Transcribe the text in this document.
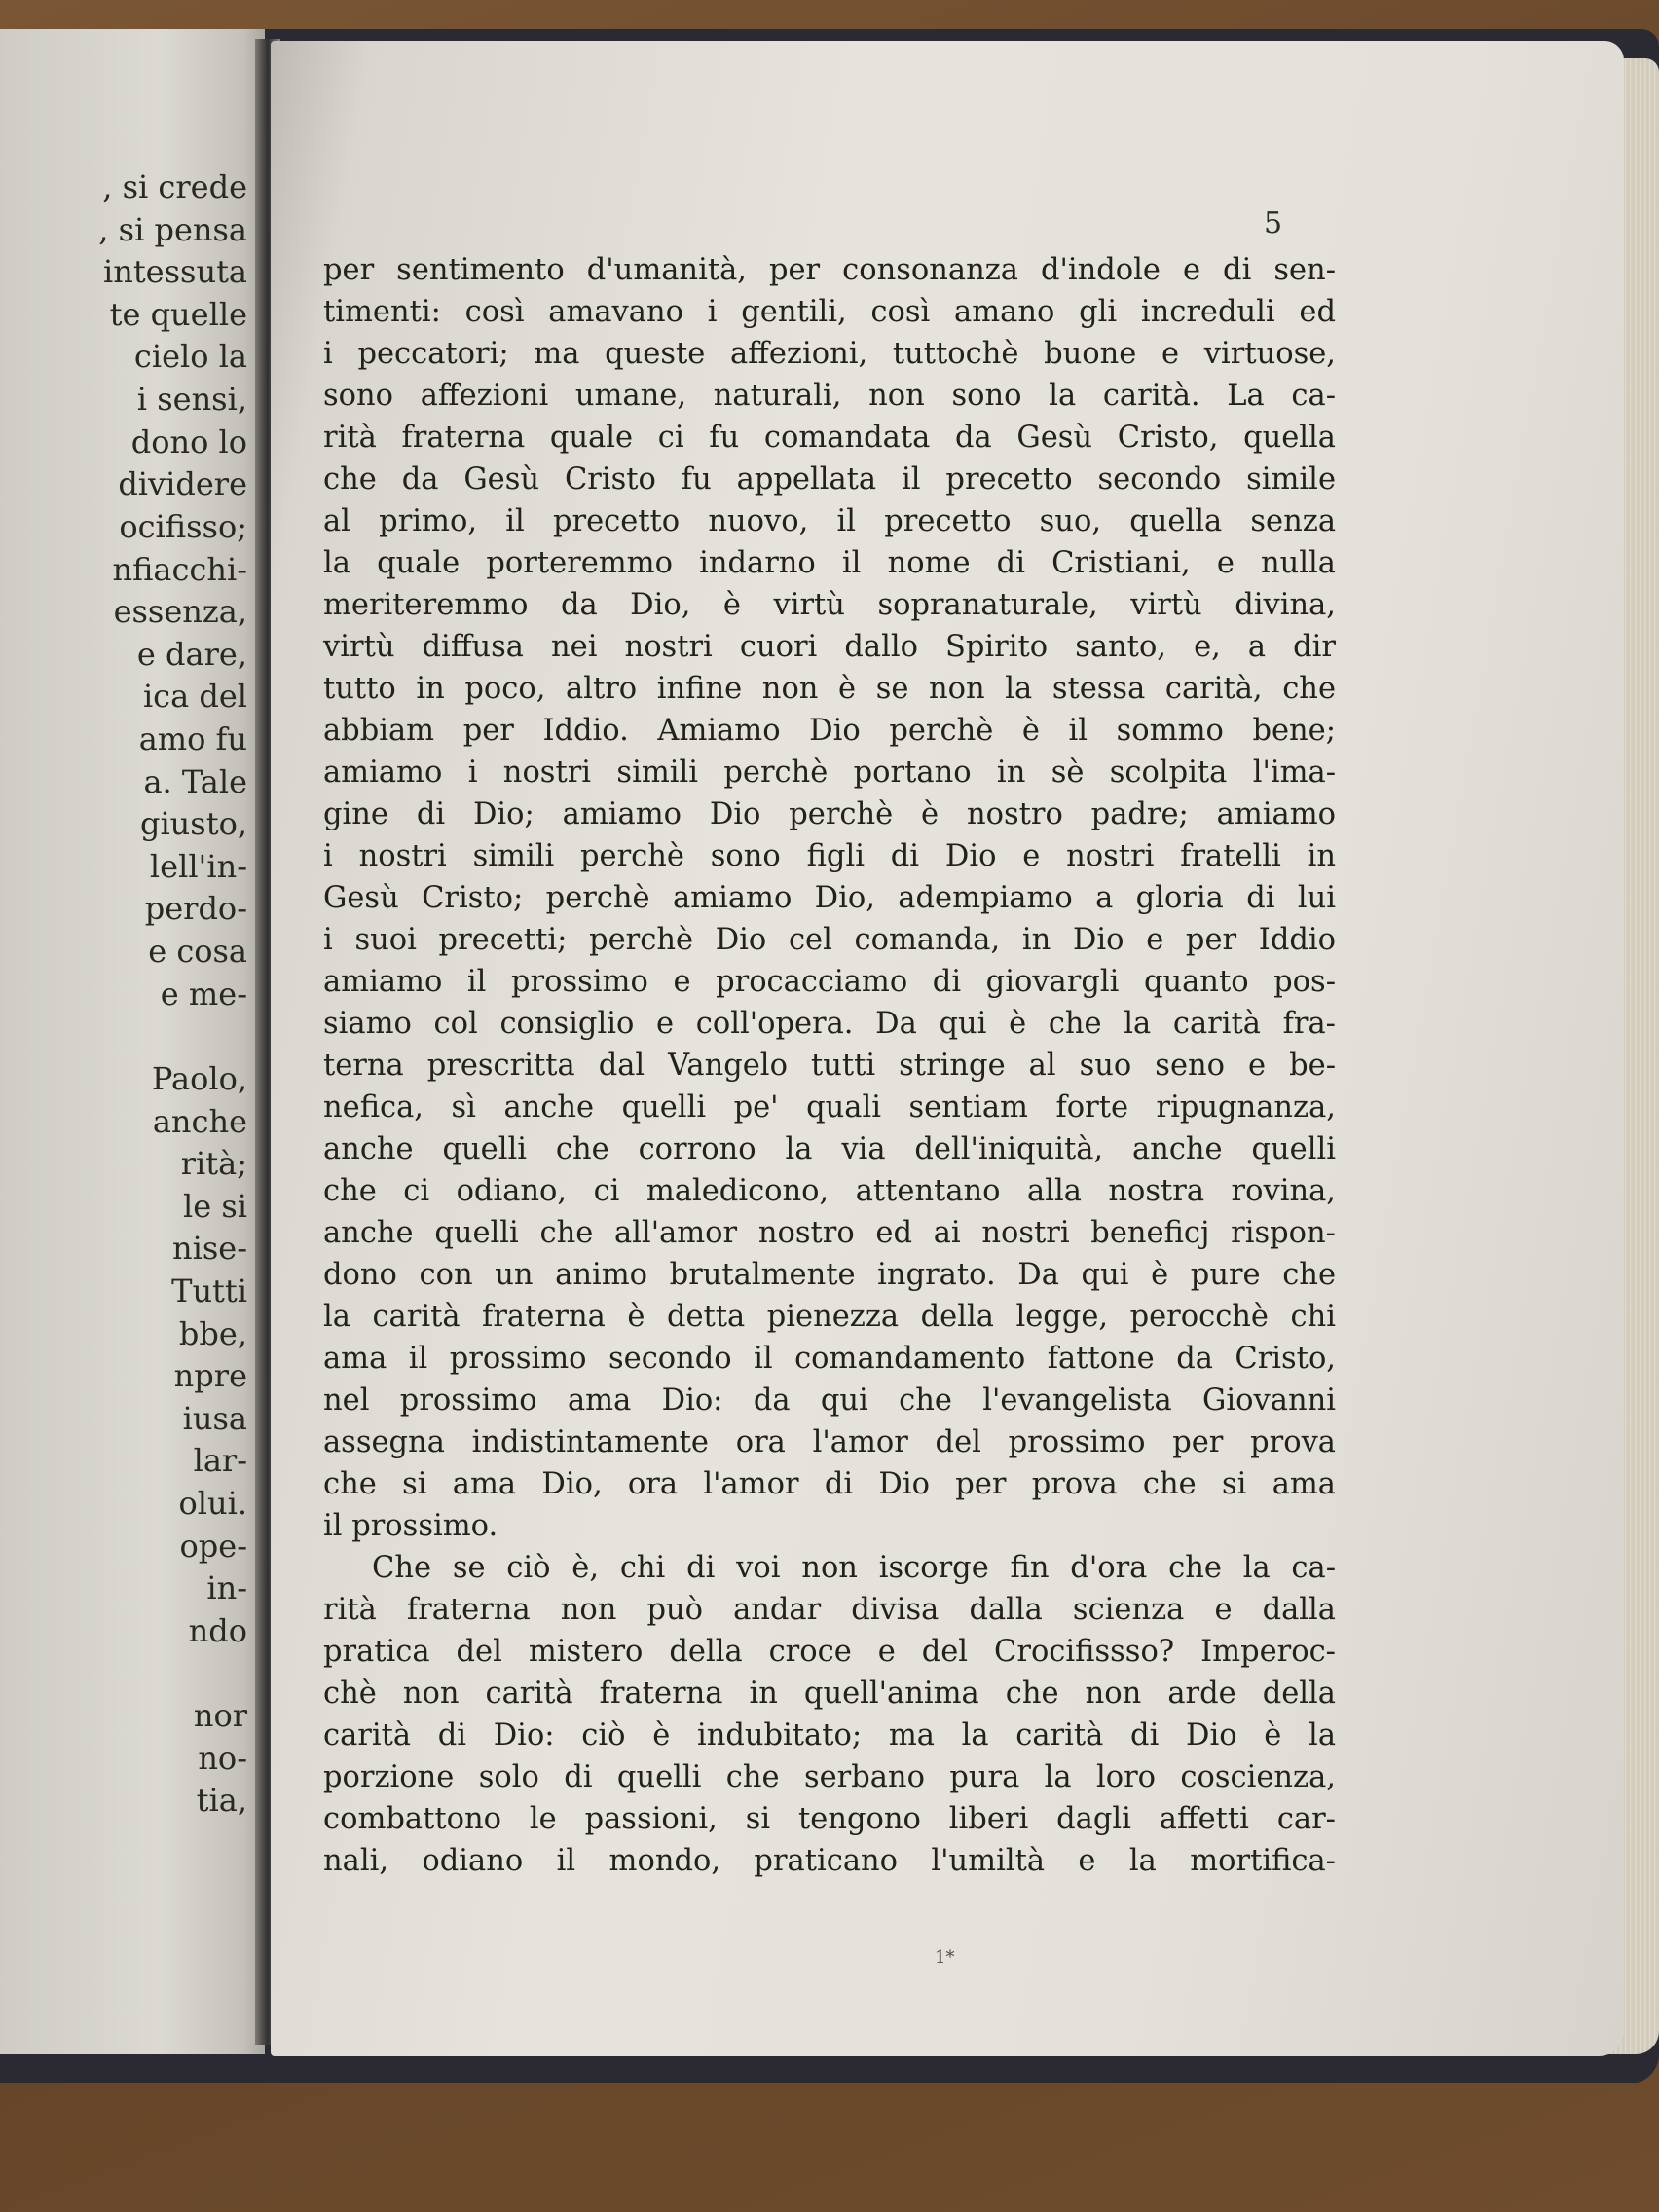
, si crede

, si pensa

intessuta

te quelle

cielo la

i sensi,

dono lo

dividere

ocifisso;

nfiacchi-

essenza,

e dare,

ica del

amo fu

a. Tale

giusto,

lell'in-

perdo-

e cosa

e me-

Paolo,

anche

rità;

le si

nise-

Tutti

bbe,

npre

iusa

lar-

olui.

ope-

in-

ndo

nor

no-

tia,

5

per sentimento d'umanità, per consonanza d'indole e di sen-

timenti: così amavano i gentili, così amano gli increduli ed

i peccatori; ma queste affezioni, tuttochè buone e virtuose,

sono affezioni umane, naturali, non sono la carità. La ca-

rità fraterna quale ci fu comandata da Gesù Cristo, quella

che da Gesù Cristo fu appellata il precetto secondo simile

al primo, il precetto nuovo, il precetto suo, quella senza

la quale porteremmo indarno il nome di Cristiani, e nulla

meriteremmo da Dio, è virtù sopranaturale, virtù divina,

virtù diffusa nei nostri cuori dallo Spirito santo, e, a dir

tutto in poco, altro infine non è se non la stessa carità, che

abbiam per Iddio. Amiamo Dio perchè è il sommo bene;

amiamo i nostri simili perchè portano in sè scolpita l'ima-

gine di Dio; amiamo Dio perchè è nostro padre; amiamo

i nostri simili perchè sono figli di Dio e nostri fratelli in

Gesù Cristo; perchè amiamo Dio, adempiamo a gloria di lui

i suoi precetti; perchè Dio cel comanda, in Dio e per Iddio

amiamo il prossimo e procacciamo di giovargli quanto pos-

siamo col consiglio e coll'opera. Da qui è che la carità fra-

terna prescritta dal Vangelo tutti stringe al suo seno e be-

nefica, sì anche quelli pe' quali sentiam forte ripugnanza,

anche quelli che corrono la via dell'iniquità, anche quelli

che ci odiano, ci maledicono, attentano alla nostra rovina,

anche quelli che all'amor nostro ed ai nostri beneficj rispon-

dono con un animo brutalmente ingrato. Da qui è pure che

la carità fraterna è detta pienezza della legge, perocchè chi

ama il prossimo secondo il comandamento fattone da Cristo,

nel prossimo ama Dio: da qui che l'evangelista Giovanni

assegna indistintamente ora l'amor del prossimo per prova

che si ama Dio, ora l'amor di Dio per prova che si ama

il prossimo.

Che se ciò è, chi di voi non iscorge fin d'ora che la ca-

rità fraterna non può andar divisa dalla scienza e dalla

pratica del mistero della croce e del Crocifissso? Imperoc-

chè non carità fraterna in quell'anima che non arde della

carità di Dio: ciò è indubitato; ma la carità di Dio è la

porzione solo di quelli che serbano pura la loro coscienza,

combattono le passioni, si tengono liberi dagli affetti car-

nali, odiano il mondo, praticano l'umiltà e la mortifica-

1*
